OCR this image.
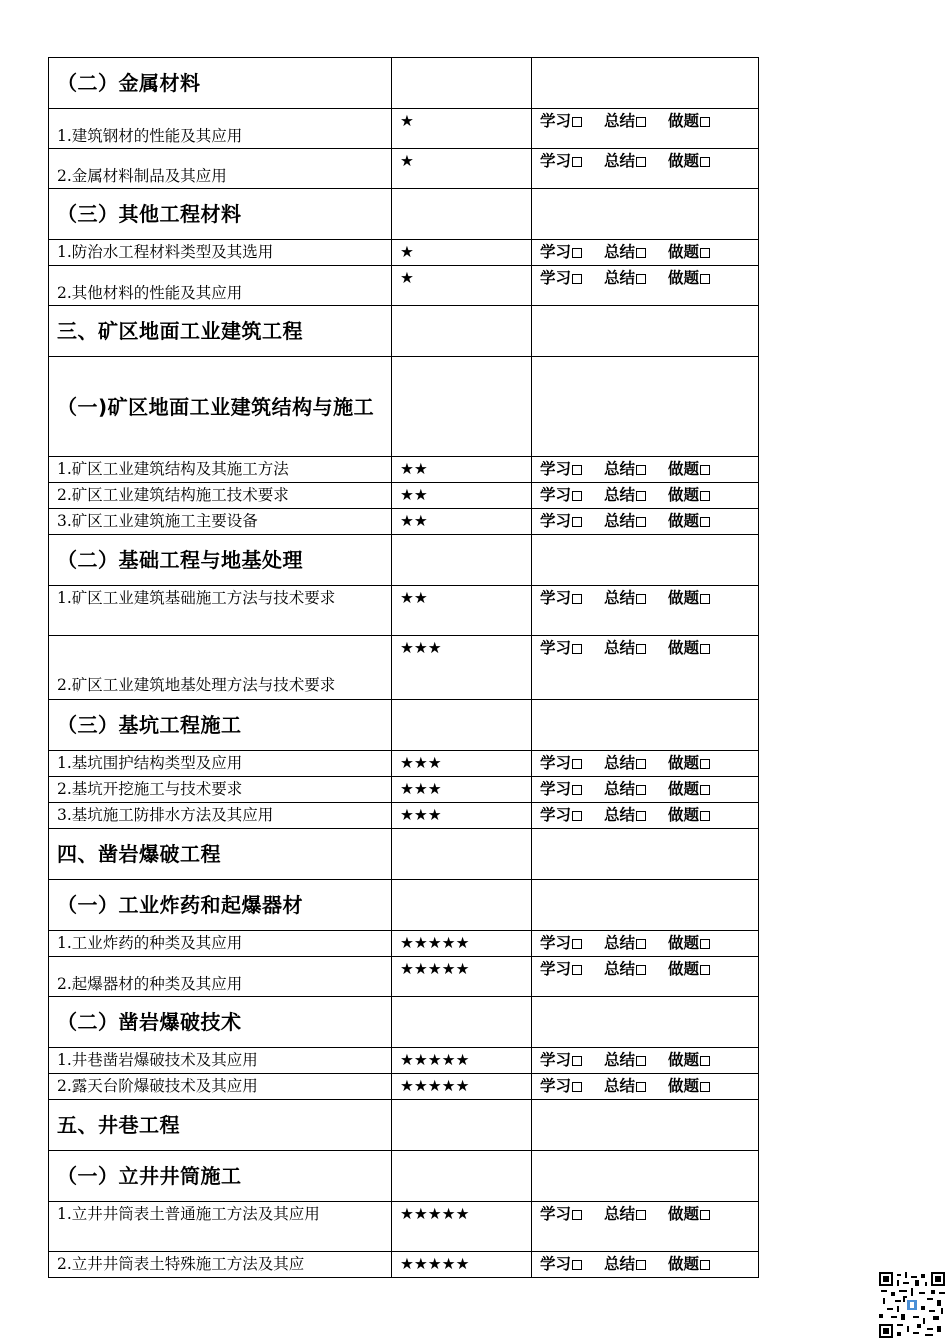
（二）金属材料		
1.建筑钢材的性能及其应用	★	学习 总结 做题
2.金属材料制品及其应用	★	学习 总结 做题
（三）其他工程材料		
1.防治水工程材料类型及其选用	★	学习 总结 做题
2.其他材料的性能及其应用	★	学习 总结 做题
三、矿区地面工业建筑工程		
（一)矿区地面工业建筑结构与施工		
1.矿区工业建筑结构及其施工方法	★★	学习 总结 做题
2.矿区工业建筑结构施工技术要求	★★	学习 总结 做题
3.矿区工业建筑施工主要设备	★★	学习 总结 做题
（二）基础工程与地基处理		
1.矿区工业建筑基础施工方法与技术要求	★★	学习 总结 做题
2.矿区工业建筑地基处理方法与技术要求	★★★	学习 总结 做题
（三）基坑工程施工		
1.基坑围护结构类型及应用	★★★	学习 总结 做题
2.基坑开挖施工与技术要求	★★★	学习 总结 做题
3.基坑施工防排水方法及其应用	★★★	学习 总结 做题
四、凿岩爆破工程		
（一）工业炸药和起爆器材		
1.工业炸药的种类及其应用	★★★★★	学习 总结 做题
2.起爆器材的种类及其应用	★★★★★	学习 总结 做题
（二）凿岩爆破技术		
1.井巷凿岩爆破技术及其应用	★★★★★	学习 总结 做题
2.露天台阶爆破技术及其应用	★★★★★	学习 总结 做题
五、井巷工程		
（一）立井井筒施工		
1.立井井筒表土普通施工方法及其应用	★★★★★	学习 总结 做题
2.立井井筒表土特殊施工方法及其应	★★★★★	学习 总结 做题
